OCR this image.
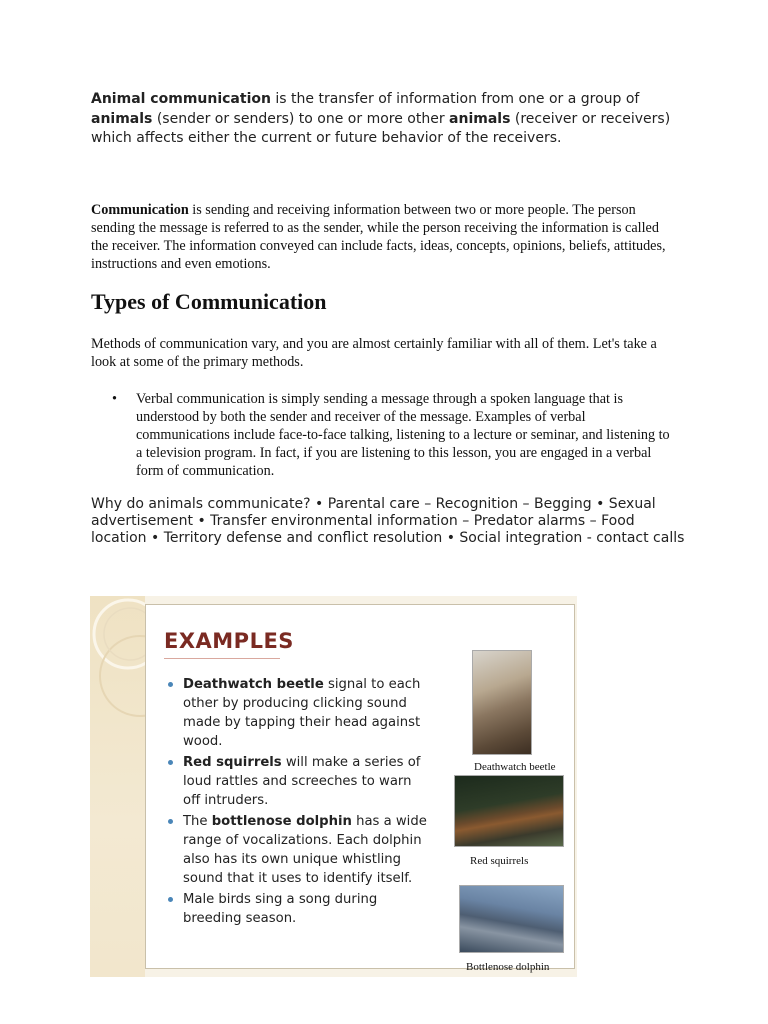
Animal communication is the transfer of information from one or a group of animals (sender or senders) to one or more other animals (receiver or receivers) which affects either the current or future behavior of the receivers.

Communication is sending and receiving information between two or more people. The person sending the message is referred to as the sender, while the person receiving the information is called the receiver. The information conveyed can include facts, ideas, concepts, opinions, beliefs, attitudes, instructions and even emotions.

Types of Communication

Methods of communication vary, and you are almost certainly familiar with all of them. Let's take a look at some of the primary methods.

• Verbal communication is simply sending a message through a spoken language that is understood by both the sender and receiver of the message. Examples of verbal communications include face-to-face talking, listening to a lecture or seminar, and listening to a television program. In fact, if you are listening to this lesson, you are engaged in a verbal form of communication.

Why do animals communicate? • Parental care – Recognition – Begging • Sexual advertisement • Transfer environmental information – Predator alarms – Food location • Territory defense and conflict resolution • Social integration - contact calls

EXAMPLES
Deathwatch beetle signal to each other by producing clicking sound made by tapping their head against wood.
Red squirrels will make a series of loud rattles and screeches to warn off intruders.
The bottlenose dolphin has a wide range of vocalizations. Each dolphin also has its own unique whistling sound that it uses to identify itself.
Male birds sing a song during breeding season.
Deathwatch beetle
Red squirrels
Bottlenose dolphin
